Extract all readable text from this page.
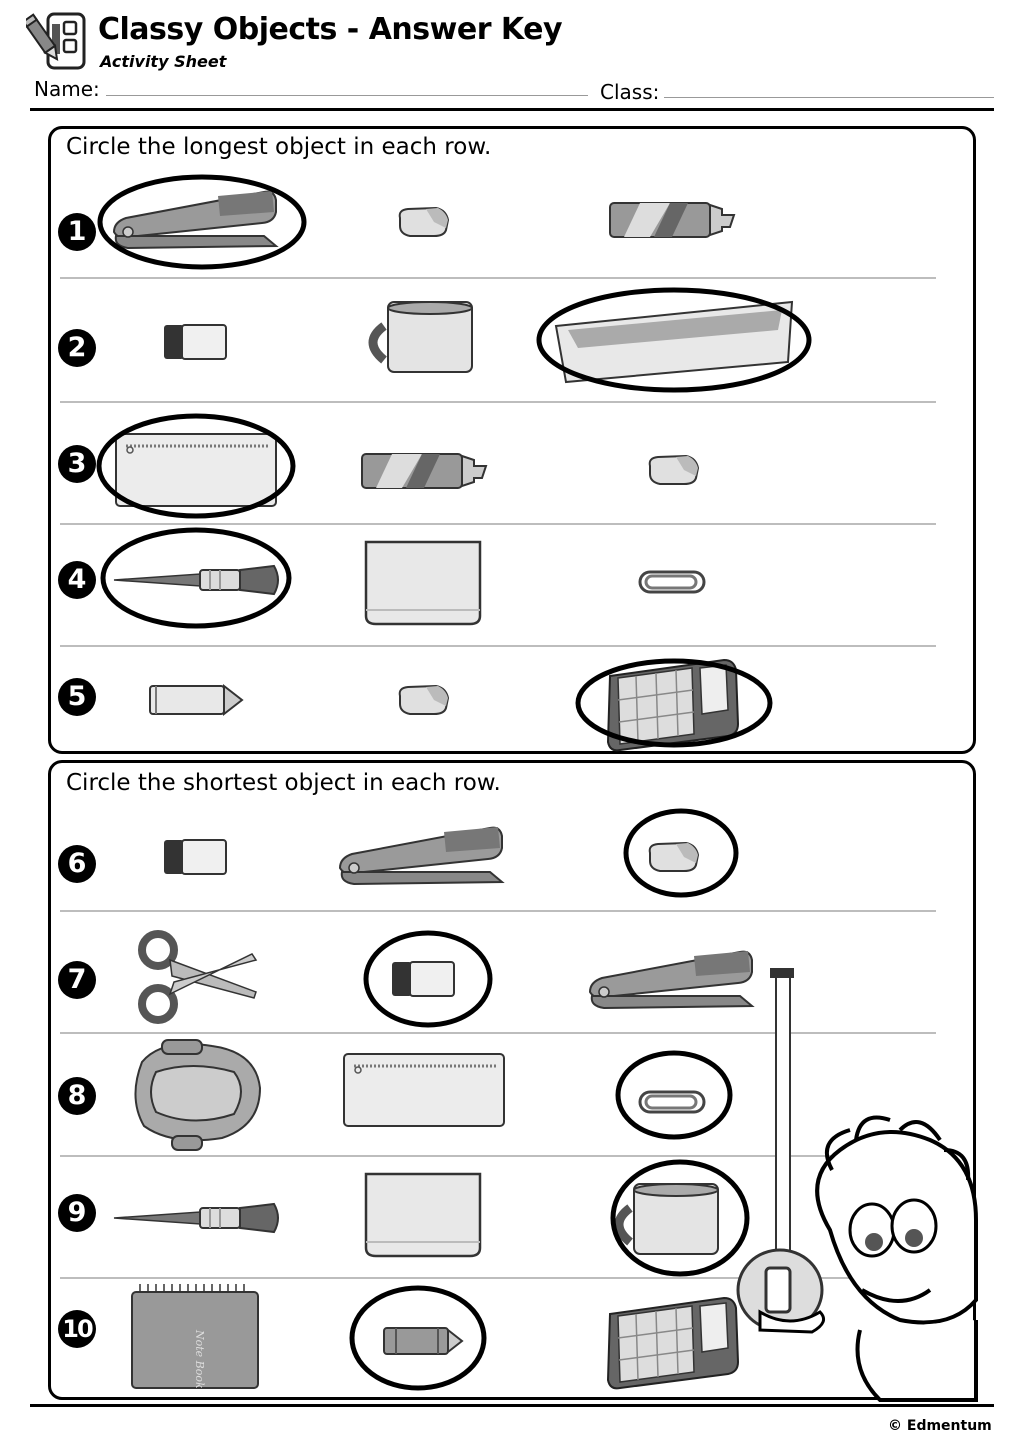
Classy Objects - Answer Key
Activity Sheet
Name:	Class:
Circle the longest object in each row.
Circle the shortest object in each row.
1
2
3
4
5
6
7
8
9
10
Note Book
© Edmentum
